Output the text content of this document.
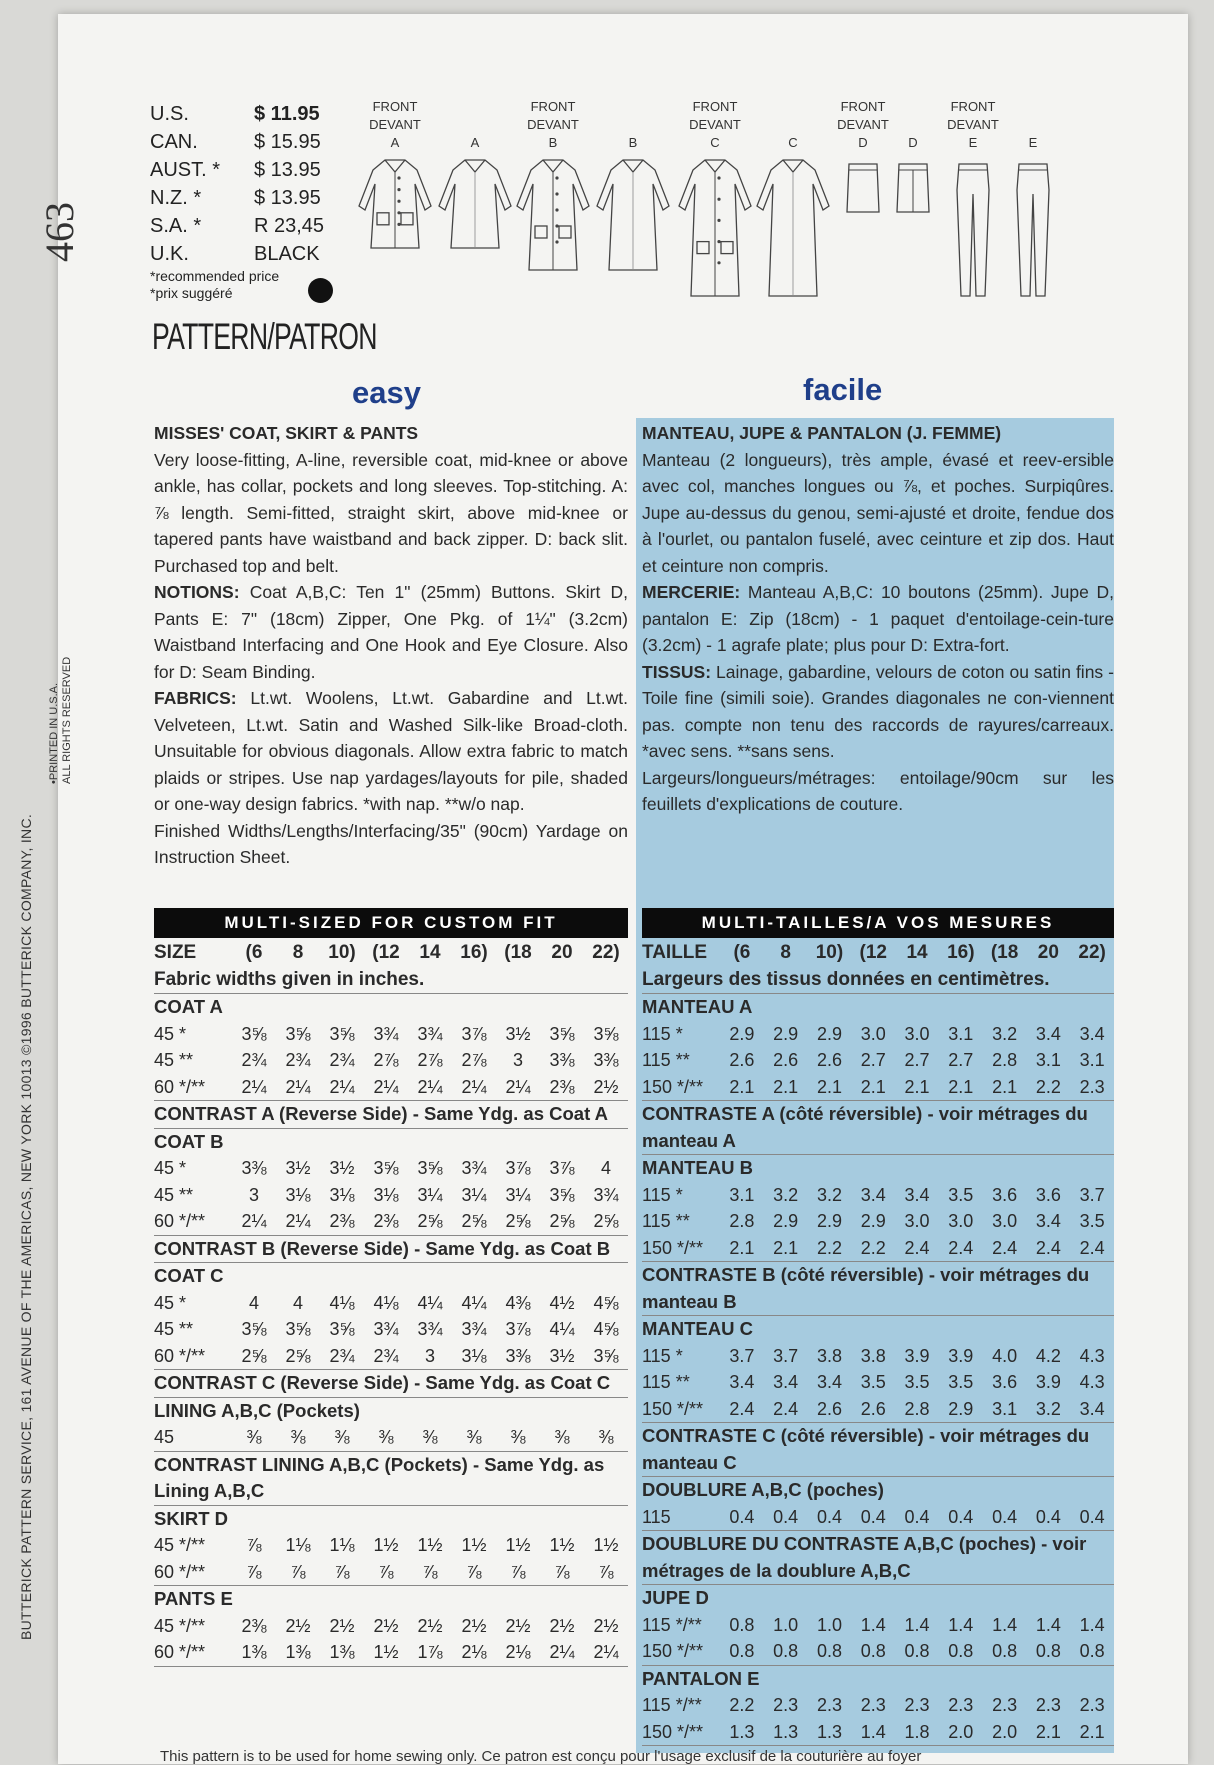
BUTTERICK PATTERN SERVICE, 161 AVENUE OF THE AMERICAS, NEW YORK 10013 ©1996 BUTTERICK COMPANY, INC.
•PRINTED IN U.S.A. ALL RIGHTS RESERVED
463
U.S.	$ 11.95
CAN.	$ 15.95
AUST. *	$ 13.95
N.Z. *	$ 13.95
S.A. *	R 23,45
U.K.	BLACK
*recommended price
*prix suggéré
PATTERN/PATRON
FRONT
DEVANT
A	A
FRONT
DEVANT
B	B
FRONT
DEVANT
C	C
FRONT
DEVANT
D	D
FRONT
DEVANT
E	E
easy	facile
MISSES' COAT, SKIRT & PANTS
Very loose-fitting, A-line, reversible coat, mid-knee or above ankle, has collar, pockets and long sleeves. Top-stitching. A: ⅞ length. Semi-fitted, straight skirt, above mid-knee or tapered pants have waistband and back zipper. D: back slit. Purchased top and belt.
NOTIONS: Coat A,B,C: Ten 1" (25mm) Buttons. Skirt D, Pants E: 7" (18cm) Zipper, One Pkg. of 1¼" (3.2cm) Waistband Interfacing and One Hook and Eye Closure. Also for D: Seam Binding.
FABRICS: Lt.wt. Woolens, Lt.wt. Gabardine and Lt.wt. Velveteen, Lt.wt. Satin and Washed Silk-like Broad-cloth. Unsuitable for obvious diagonals. Allow extra fabric to match plaids or stripes. Use nap yardages/layouts for pile, shaded or one-way design fabrics. *with nap. **w/o nap.
Finished Widths/Lengths/Interfacing/35" (90cm) Yardage on Instruction Sheet.
MANTEAU, JUPE & PANTALON (J. FEMME)
Manteau (2 longueurs), très ample, évasé et reev-ersible avec col, manches longues ou ⅞, et poches. Surpiqûres. Jupe au-dessus du genou, semi-ajusté et droite, fendue dos à l'ourlet, ou pantalon fuselé, avec ceinture et zip dos. Haut et ceinture non compris.
MERCERIE: Manteau A,B,C: 10 boutons (25mm). Jupe D, pantalon E: Zip (18cm) - 1 paquet d'entoilage-cein-ture (3.2cm) - 1 agrafe plate; plus pour D: Extra-fort.
TISSUS: Lainage, gabardine, velours de coton ou satin fins - Toile fine (simili soie). Grandes diagonales ne con-viennent pas. compte non tenu des raccords de rayures/carreaux. *avec sens. **sans sens.
Largeurs/longueurs/métrages: entoilage/90cm sur les feuillets d'explications de couture.
MULTI-SIZED FOR CUSTOM FIT	MULTI-TAILLES/A VOS MESURES
SIZE	(6	8	10) (12	14	16) (18	20	22)
Fabric widths given in inches.
COAT A
45 *	3⅝	3⅝	3⅝	3¾	3¾	3⅞	3½	3⅝	3⅝
45 **	2¾	2¾	2¾	2⅞	2⅞	2⅞	3	3⅜	3⅜
60 */**	2¼	2¼	2¼	2¼	2¼	2¼	2¼	2⅜	2½
CONTRAST A (Reverse Side) - Same Ydg. as Coat A
COAT B
45 *	3⅜	3½	3½	3⅝	3⅝	3¾	3⅞	3⅞	4
45 **	3	3⅛	3⅛	3⅛	3¼	3¼	3¼	3⅝	3¾
60 */**	2¼	2¼	2⅜	2⅜	2⅝	2⅝	2⅝	2⅝	2⅝
CONTRAST B (Reverse Side) - Same Ydg. as Coat B
COAT C
45 *	4	4	4⅛	4⅛	4¼	4¼	4⅜	4½	4⅝
45 **	3⅝	3⅝	3⅝	3¾	3¾	3¾	3⅞	4¼	4⅝
60 */**	2⅝	2⅝	2¾	2¾	3	3⅛	3⅜	3½	3⅝
CONTRAST C (Reverse Side) - Same Ydg. as Coat C
LINING A,B,C (Pockets)
45	⅜	⅜	⅜	⅜	⅜	⅜	⅜	⅜	⅜
CONTRAST LINING A,B,C (Pockets) - Same Ydg. as Lining A,B,C
SKIRT D
45 */**	⅞	1⅛	1⅛	1½	1½	1½	1½	1½	1½
60 */**	⅞	⅞	⅞	⅞	⅞	⅞	⅞	⅞	⅞
PANTS E
45 */**	2⅜	2½	2½	2½	2½	2½	2½	2½	2½
60 */**	1⅜	1⅜	1⅜	1½	1⅞	2⅛	2⅛	2¼	2¼
TAILLE	(6	8	10) (12	14	16) (18	20	22)
Largeurs des tissus données en centimètres.
MANTEAU A
115 *	2.9	2.9	2.9	3.0	3.0	3.1	3.2	3.4	3.4
115 **	2.6	2.6	2.6	2.7	2.7	2.7	2.8	3.1	3.1
150 */**	2.1	2.1	2.1	2.1	2.1	2.1	2.1	2.2	2.3
CONTRASTE A (côté réversible) - voir métrages du manteau A
MANTEAU B
115 *	3.1	3.2	3.2	3.4	3.4	3.5	3.6	3.6	3.7
115 **	2.8	2.9	2.9	2.9	3.0	3.0	3.0	3.4	3.5
150 */**	2.1	2.1	2.2	2.2	2.4	2.4	2.4	2.4	2.4
CONTRASTE B (côté réversible) - voir métrages du manteau B
MANTEAU C
115 *	3.7	3.7	3.8	3.8	3.9	3.9	4.0	4.2	4.3
115 **	3.4	3.4	3.4	3.5	3.5	3.5	3.6	3.9	4.3
150 */**	2.4	2.4	2.6	2.6	2.8	2.9	3.1	3.2	3.4
CONTRASTE C (côté réversible) - voir métrages du manteau C
DOUBLURE A,B,C (poches)
115	0.4	0.4	0.4	0.4	0.4	0.4	0.4	0.4	0.4
DOUBLURE DU CONTRASTE A,B,C (poches) - voir métrages de la doublure A,B,C
JUPE D
115 */**	0.8	1.0	1.0	1.4	1.4	1.4	1.4	1.4	1.4
150 */**	0.8	0.8	0.8	0.8	0.8	0.8	0.8	0.8	0.8
PANTALON E
115 */**	2.2	2.3	2.3	2.3	2.3	2.3	2.3	2.3	2.3
150 */**	1.3	1.3	1.3	1.4	1.8	2.0	2.0	2.1	2.1
This pattern is to be used for home sewing only. Ce patron est conçu pour l'usage exclusif de la couturière au foyer
